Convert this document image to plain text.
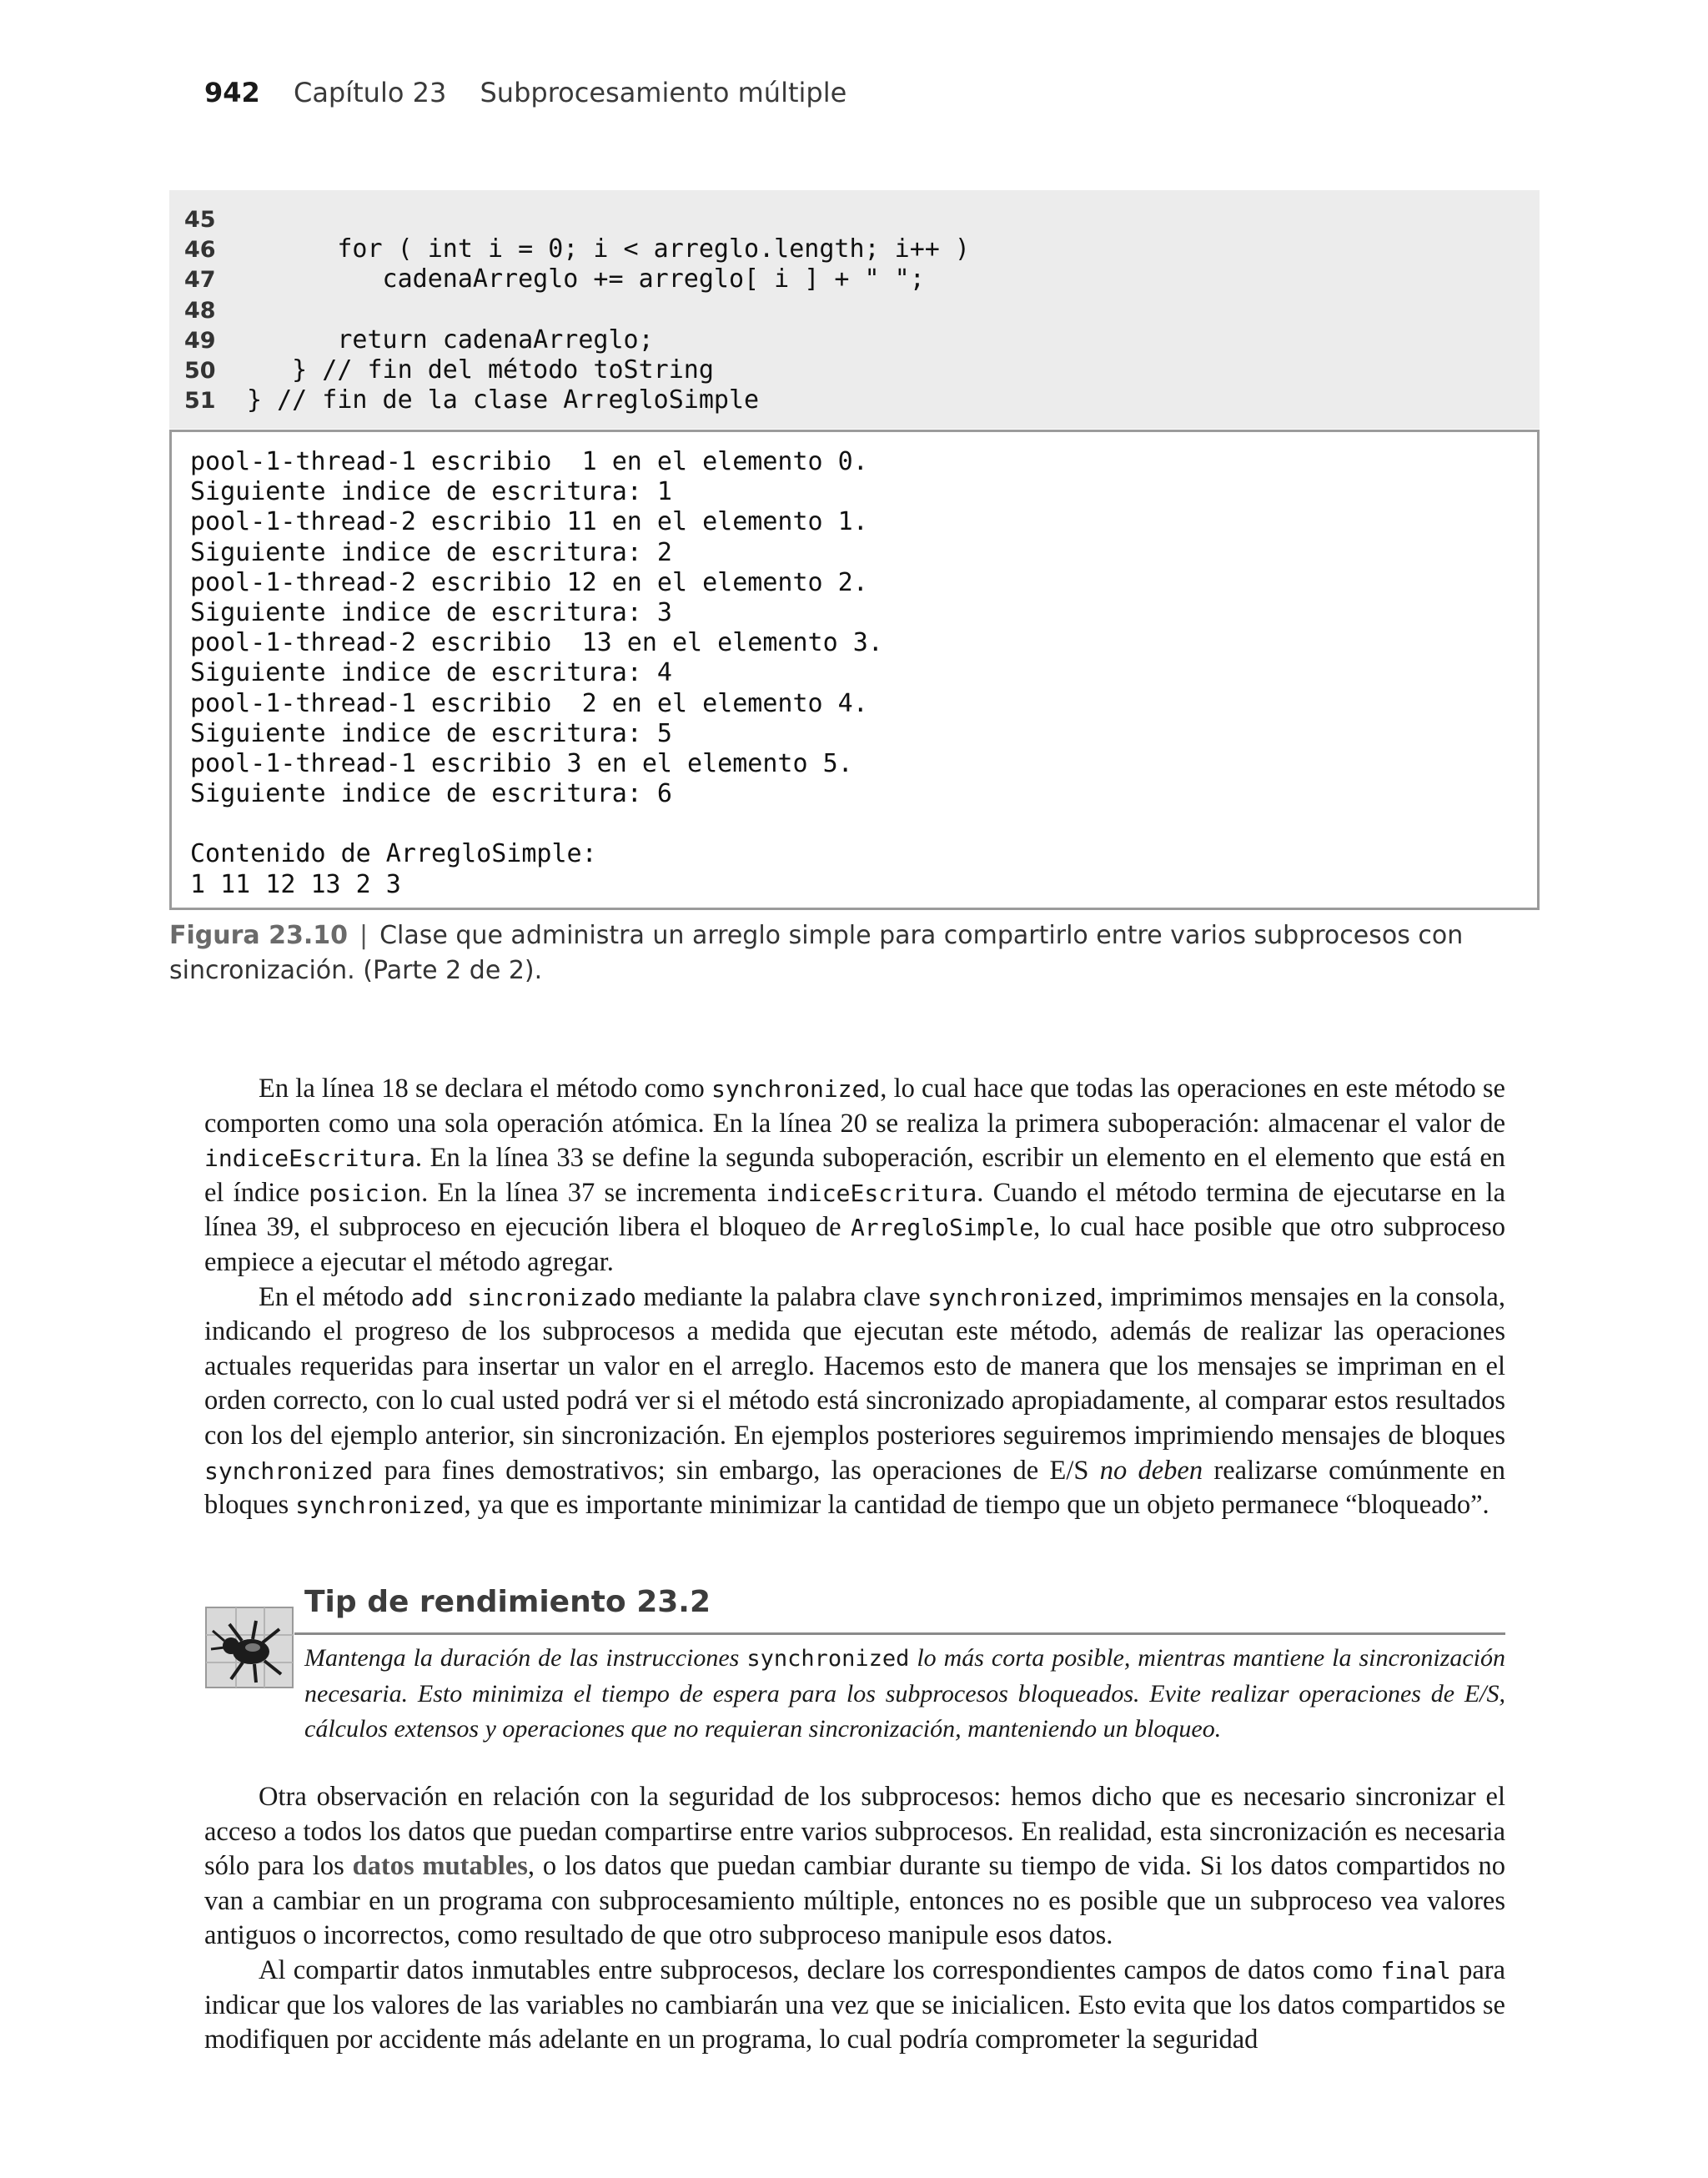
942 Capítulo 23 Subprocesamiento múltiple
45
46 for ( int i = 0; i < arreglo.length; i++ )
47 cadenaArreglo += arreglo[ i ] + " ";
48
49 return cadenaArreglo;
50 } // fin del método toString
51 } // fin de la clase ArregloSimple
pool-1-thread-1 escribio  1 en el elemento 0.
Siguiente indice de escritura: 1
pool-1-thread-2 escribio 11 en el elemento 1.
Siguiente indice de escritura: 2
pool-1-thread-2 escribio 12 en el elemento 2.
Siguiente indice de escritura: 3
pool-1-thread-2 escribio  13 en el elemento 3.
Siguiente indice de escritura: 4
pool-1-thread-1 escribio  2 en el elemento 4.
Siguiente indice de escritura: 5
pool-1-thread-1 escribio 3 en el elemento 5.
Siguiente indice de escritura: 6
Contenido de ArregloSimple:
1 11 12 13 2 3
Figura 23.10 | Clase que administra un arreglo simple para compartirlo entre varios subprocesos con sincronización. (Parte 2 de 2).

En la línea 18 se declara el método como synchronized, lo cual hace que todas las operaciones en este método se comporten como una sola operación atómica. En la línea 20 se realiza la primera suboperación: almacenar el valor de indiceEscritura. En la línea 33 se define la segunda suboperación, escribir un elemento en el elemento que está en el índice posicion. En la línea 37 se incrementa indiceEscritura. Cuando el método termina de ejecutarse en la línea 39, el subproceso en ejecución libera el bloqueo de ArregloSimple, lo cual hace posible que otro subproceso empiece a ejecutar el método agregar.

En el método add sincronizado mediante la palabra clave synchronized, imprimimos mensajes en la consola, indicando el progreso de los subprocesos a medida que ejecutan este método, además de realizar las operaciones actuales requeridas para insertar un valor en el arreglo. Hacemos esto de manera que los mensajes se impriman en el orden correcto, con lo cual usted podrá ver si el método está sincronizado apropiadamente, al comparar estos resultados con los del ejemplo anterior, sin sincronización. En ejemplos posteriores seguiremos imprimiendo mensajes de bloques synchronized para fines demostrativos; sin embargo, las operaciones de E/S no deben realizarse comúnmente en bloques synchronized, ya que es importante minimizar la cantidad de tiempo que un objeto permanece “bloqueado”.

Tip de rendimiento 23.2
Mantenga la duración de las instrucciones synchronized lo más corta posible, mientras mantiene la sincronización necesaria. Esto minimiza el tiempo de espera para los subprocesos bloqueados. Evite realizar operaciones de E/S, cálculos extensos y operaciones que no requieran sincronización, manteniendo un bloqueo.

Otra observación en relación con la seguridad de los subprocesos: hemos dicho que es necesario sincronizar el acceso a todos los datos que puedan compartirse entre varios subprocesos. En realidad, esta sincronización es necesaria sólo para los datos mutables, o los datos que puedan cambiar durante su tiempo de vida. Si los datos compartidos no van a cambiar en un programa con subprocesamiento múltiple, entonces no es posible que un subproceso vea valores antiguos o incorrectos, como resultado de que otro subproceso manipule esos datos.

Al compartir datos inmutables entre subprocesos, declare los correspondientes campos de datos como final para indicar que los valores de las variables no cambiarán una vez que se inicialicen. Esto evita que los datos compartidos se modifiquen por accidente más adelante en un programa, lo cual podría comprometer la seguridad
